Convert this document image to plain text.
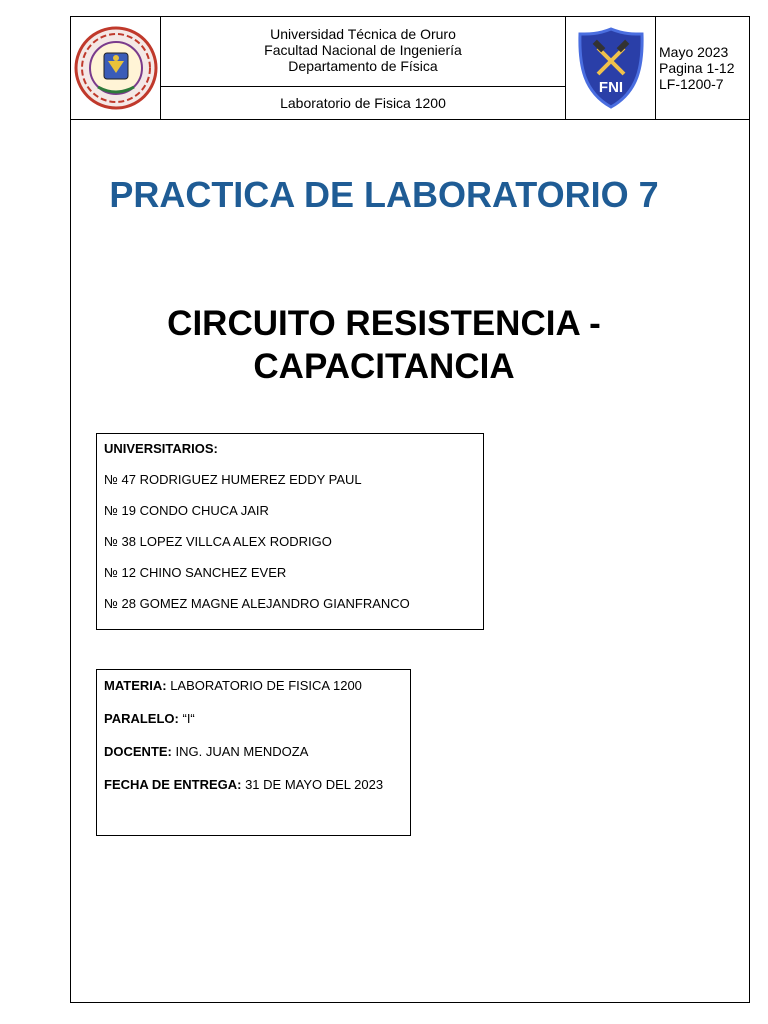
Universidad Técnica de Oruro
Facultad Nacional de Ingeniería
Departamento de Física
Laboratorio de Fisica 1200
FNI
Mayo 2023
Pagina 1-12
LF-1200-7
PRACTICA DE LABORATORIO 7
CIRCUITO RESISTENCIA -
CAPACITANCIA
UNIVERSITARIOS:
№ 47 RODRIGUEZ HUMEREZ EDDY PAUL
№ 19 CONDO CHUCA JAIR
№ 38 LOPEZ VILLCA ALEX RODRIGO
№ 12 CHINO SANCHEZ EVER
№ 28 GOMEZ MAGNE ALEJANDRO GIANFRANCO
MATERIA: LABORATORIO DE FISICA 1200
PARALELO: “I“
DOCENTE: ING. JUAN MENDOZA
FECHA DE ENTREGA: 31 DE MAYO DEL 2023
